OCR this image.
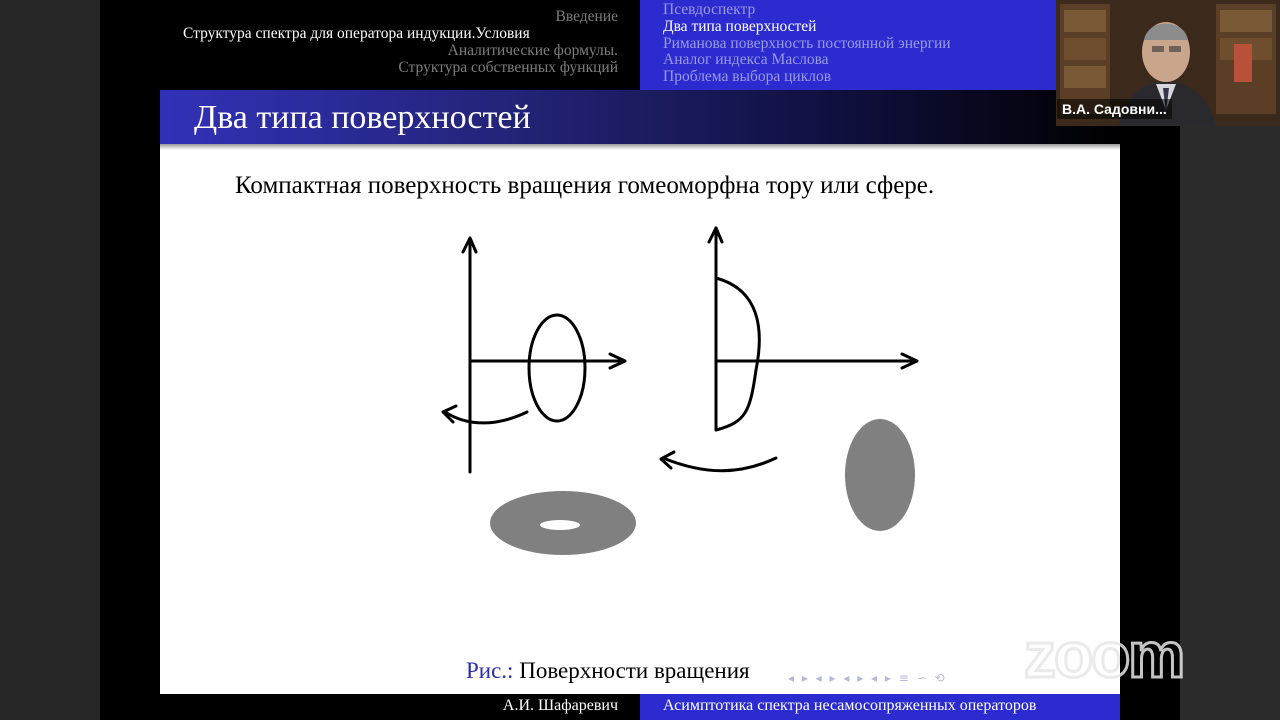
Введение
Структура спектра для оператора индукции.Условия
Аналитические формулы.
Структура собственных функций
Псевдоспектр
Два типа поверхностей
Риманова поверхность постоянной энергии
Аналог индекса Маслова
Проблема выбора циклов
Два типа поверхностей
Компактная поверхность вращения гомеоморфна тору или сфере.
Рис.: Поверхности вращения	◂ ▸ ◂ ▸ ◂ ▸ ◂ ▸ ≡ ∽ ⟲
А.И. Шафаревич	Асимптотика спектра несамосопряженных операторов
В.А. Садовни...
zoom
